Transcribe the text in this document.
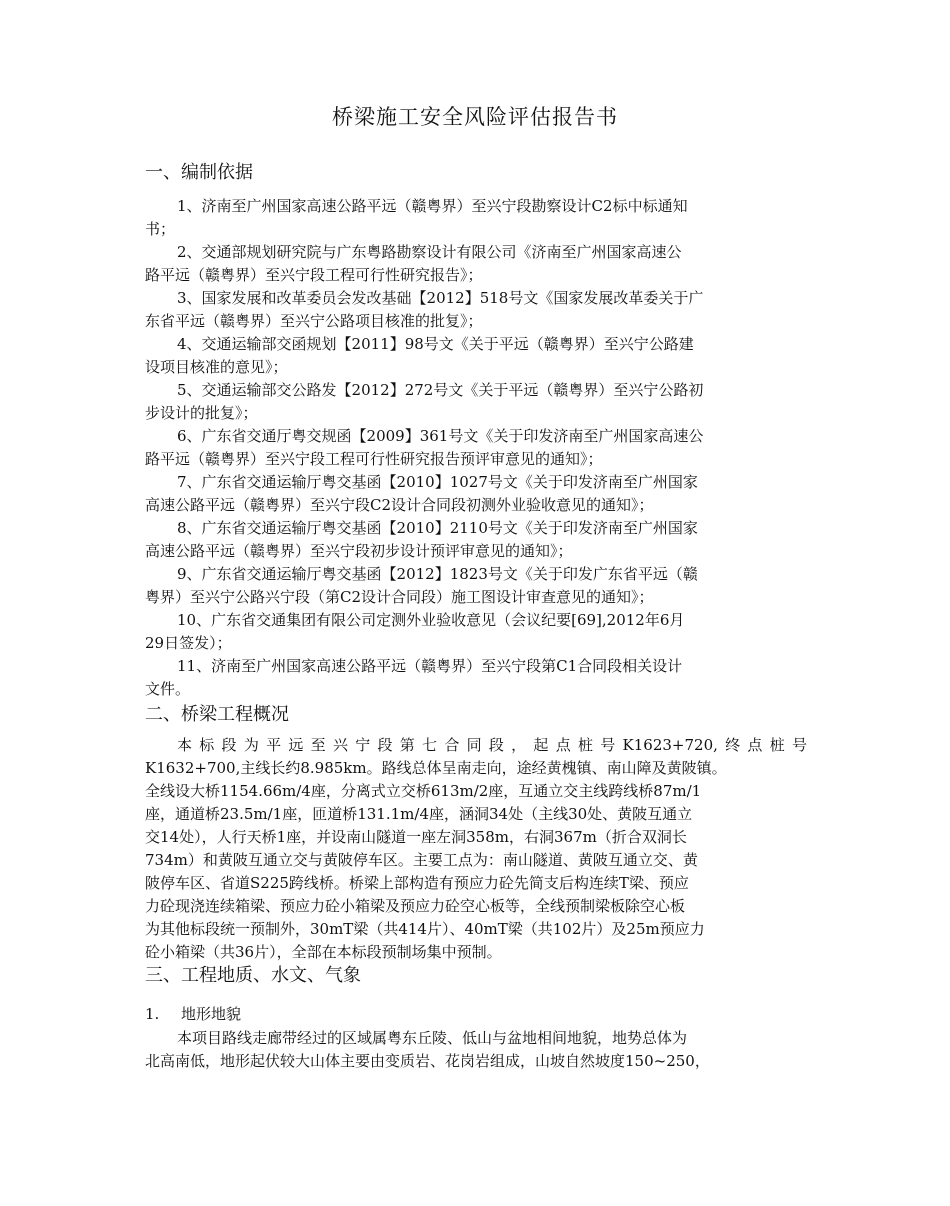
桥梁施工安全风险评估报告书
一、编制依据
1、济南至广州国家高速公路平远（赣粤界）至兴宁段勘察设计C2标中标通知
书；
2、交通部规划研究院与广东粤路勘察设计有限公司《济南至广州国家高速公
路平远（赣粤界）至兴宁段工程可行性研究报告》；
3、国家发展和改革委员会发改基础【2012】518号文《国家发展改革委关于广
东省平远（赣粤界）至兴宁公路项目核准的批复》；
4、交通运输部交函规划【2011】98号文《关于平远（赣粤界）至兴宁公路建
设项目核准的意见》；
5、交通运输部交公路发【2012】272号文《关于平远（赣粤界）至兴宁公路初
步设计的批复》；
6、广东省交通厅粤交规函【2009】361号文《关于印发济南至广州国家高速公
路平远（赣粤界）至兴宁段工程可行性研究报告预评审意见的通知》；
7、广东省交通运输厅粤交基函【2010】1027号文《关于印发济南至广州国家
高速公路平远（赣粤界）至兴宁段C2设计合同段初测外业验收意见的通知》；
8、广东省交通运输厅粤交基函【2010】2110号文《关于印发济南至广州国家
高速公路平远（赣粤界）至兴宁段初步设计预评审意见的通知》；
9、广东省交通运输厅粤交基函【2012】1823号文《关于印发广东省平远（赣
粤界）至兴宁公路兴宁段（第C2设计合同段）施工图设计审查意见的通知》；
10、广东省交通集团有限公司定测外业验收意见（会议纪要[69],2012年6月
29日签发）；
11、济南至广州国家高速公路平远（赣粤界）至兴宁段第C1合同段相关设计
文件。
二、桥梁工程概况
本标段为平远至兴宁段第七合同段，起点桩号K1623+720,终点桩号
K1632+700,主线长约8.985km。路线总体呈南走向，途经黄槐镇、南山障及黄陂镇。
全线设大桥1154.66m/4座，分离式立交桥613m/2座，互通立交主线跨线桥87m/1
座，通道桥23.5m/1座，匝道桥131.1m/4座，涵洞34处（主线30处、黄陂互通立
交14处），人行天桥1座，并设南山隧道一座左洞358m，右洞367m（折合双洞长
734m）和黄陂互通立交与黄陂停车区。主要工点为：南山隧道、黄陂互通立交、黄
陂停车区、省道S225跨线桥。桥梁上部构造有预应力砼先简支后构连续T梁、预应
力砼现浇连续箱梁、预应力砼小箱梁及预应力砼空心板等，全线预制梁板除空心板
为其他标段统一预制外，30mT梁（共414片）、40mT梁（共102片）及25m预应力
砼小箱梁（共36片），全部在本标段预制场集中预制。
三、工程地质、水文、气象
1. 地形地貌
本项目路线走廊带经过的区域属粤东丘陵、低山与盆地相间地貌，地势总体为
北高南低，地形起伏较大山体主要由变质岩、花岗岩组成，山坡自然坡度150~250，
